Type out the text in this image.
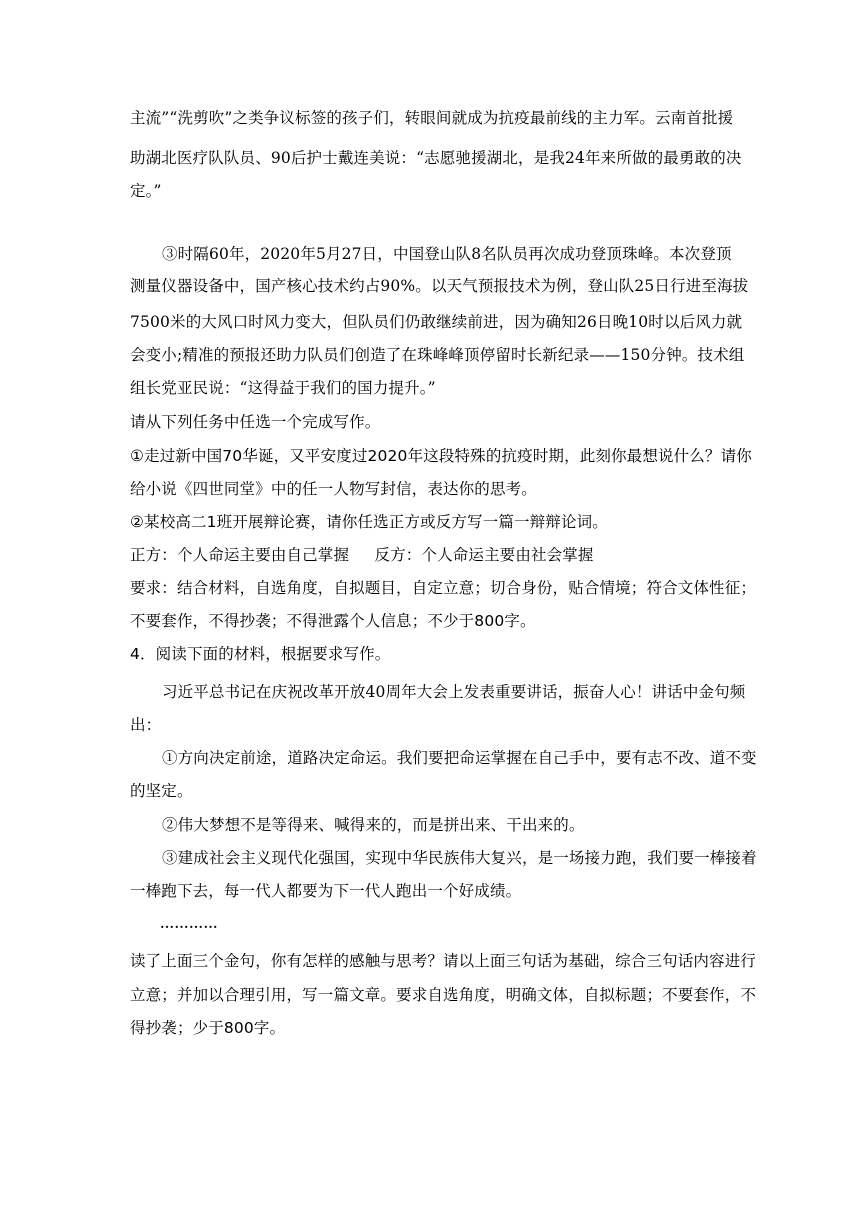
主流”“洗剪吹”之类争议标签的孩子们，转眼间就成为抗疫最前线的主力军。云南首批援
助湖北医疗队队员、90后护士戴连美说：“志愿驰援湖北，是我24年来所做的最勇敢的决
定。”
③时隔60年，2020年5月27日，中国登山队8名队员再次成功登顶珠峰。本次登顶
测量仪器设备中，国产核心技术约占90%。以天气预报技术为例，登山队25日行进至海拔
7500米的大风口时风力变大，但队员们仍敢继续前进，因为确知26日晚10时以后风力就
会变小;精准的预报还助力队员们创造了在珠峰峰顶停留时长新纪录——150分钟。技术组
组长党亚民说：“这得益于我们的国力提升。”
请从下列任务中任选一个完成写作。
①走过新中国70华诞，又平安度过2020年这段特殊的抗疫时期，此刻你最想说什么？请你
给小说《四世同堂》中的任一人物写封信，表达你的思考。
②某校高二1班开展辩论赛，请你任选正方或反方写一篇一辩辩论词。
正方：个人命运主要由自己掌握     反方：个人命运主要由社会掌握
要求：结合材料，自选角度，自拟题目，自定立意；切合身份，贴合情境；符合文体性征；
不要套作，不得抄袭；不得泄露个人信息；不少于800字。
4．阅读下面的材料，根据要求写作。
习近平总书记在庆祝改革开放40周年大会上发表重要讲话，振奋人心！讲话中金句频
出：
①方向决定前途，道路决定命运。我们要把命运掌握在自己手中，要有志不改、道不变
的坚定。
②伟大梦想不是等得来、喊得来的，而是拼出来、干出来的。
③建成社会主义现代化强国，实现中华民族伟大复兴，是一场接力跑，我们要一棒接着
一棒跑下去，每一代人都要为下一代人跑出一个好成绩。
…………
读了上面三个金句，你有怎样的感触与思考？请以上面三句话为基础，综合三句话内容进行
立意；并加以合理引用，写一篇文章。要求自选角度，明确文体，自拟标题；不要套作，不
得抄袭；少于800字。
